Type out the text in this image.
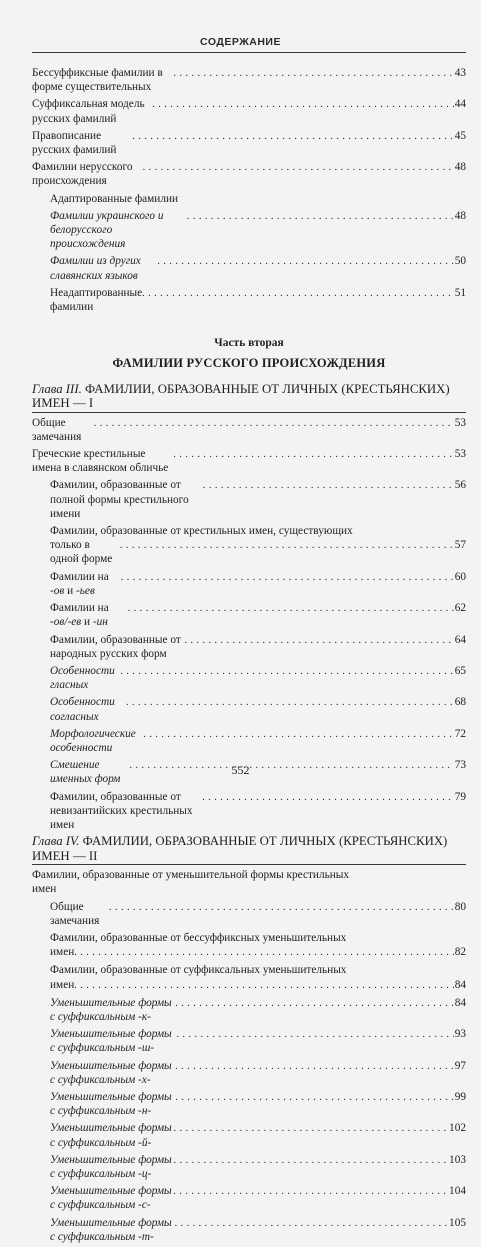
СОДЕРЖАНИЕ
Бессуффиксные фамилии в форме существительных
. . .
43
Суффиксальная модель русских фамилий
. . .
44
Правописание русских фамилий
. . .
45
Фамилии нерусского происхождения
. . .
48
Адаптированные фамилии
Фамилии украинского и белорусского происхождения
. . .
48
Фамилии из других славянских языков
. . .
50
Неадаптированные фамилии
. . .
51
Часть вторая
ФАМИЛИИ РУССКОГО ПРОИСХОЖДЕНИЯ
Глава III. ФАМИЛИИ, ОБРАЗОВАННЫЕ ОТ ЛИЧНЫХ (КРЕСТЬЯНСКИХ) ИМЕН — I
Общие замечания
. . .
53
Греческие крестильные имена в славянском обличье
. . .
53
Фамилии, образованные от полной формы крестильного имени
. . .
56
Фамилии, образованные от крестильных имен, существующих
только в одной форме
. . .
57
Фамилии на -ов и -ьев
. . .
60
Фамилии на -ов/-ев и -ин
. . .
62
Фамилии, образованные от народных русских форм
. . .
64
Особенности гласных
. . .
65
Особенности согласных
. . .
68
Морфологические особенности
. . .
72
Смешение именных форм
. . .
73
Фамилии, образованные от невизантийских крестильных имен
. . .
79
Глава IV. ФАМИЛИИ, ОБРАЗОВАННЫЕ ОТ ЛИЧНЫХ (КРЕСТЬЯНСКИХ) ИМЕН — II
Фамилии, образованные от уменьшительной формы крестильных
имен
Общие замечания
. . .
80
Фамилии, образованные от бессуффиксных уменьшительных
имен . . .	82
Фамилии, образованные от суффиксальных уменьшительных
имен . . .	84
Уменьшительные формы с суффиксальным -к-
. . .
84
Уменьшительные формы с суффиксальным -ш-
. . .
93
Уменьшительные формы с суффиксальным -х-
. . .
97
Уменьшительные формы с суффиксальным -н-
. . .
99
Уменьшительные формы с суффиксальным -й-
. . .
102
Уменьшительные формы с суффиксальным -ц-
. . .
103
Уменьшительные формы с суффиксальным -с-
. . .
104
Уменьшительные формы с суффиксальным -т-
. . .
105
552
